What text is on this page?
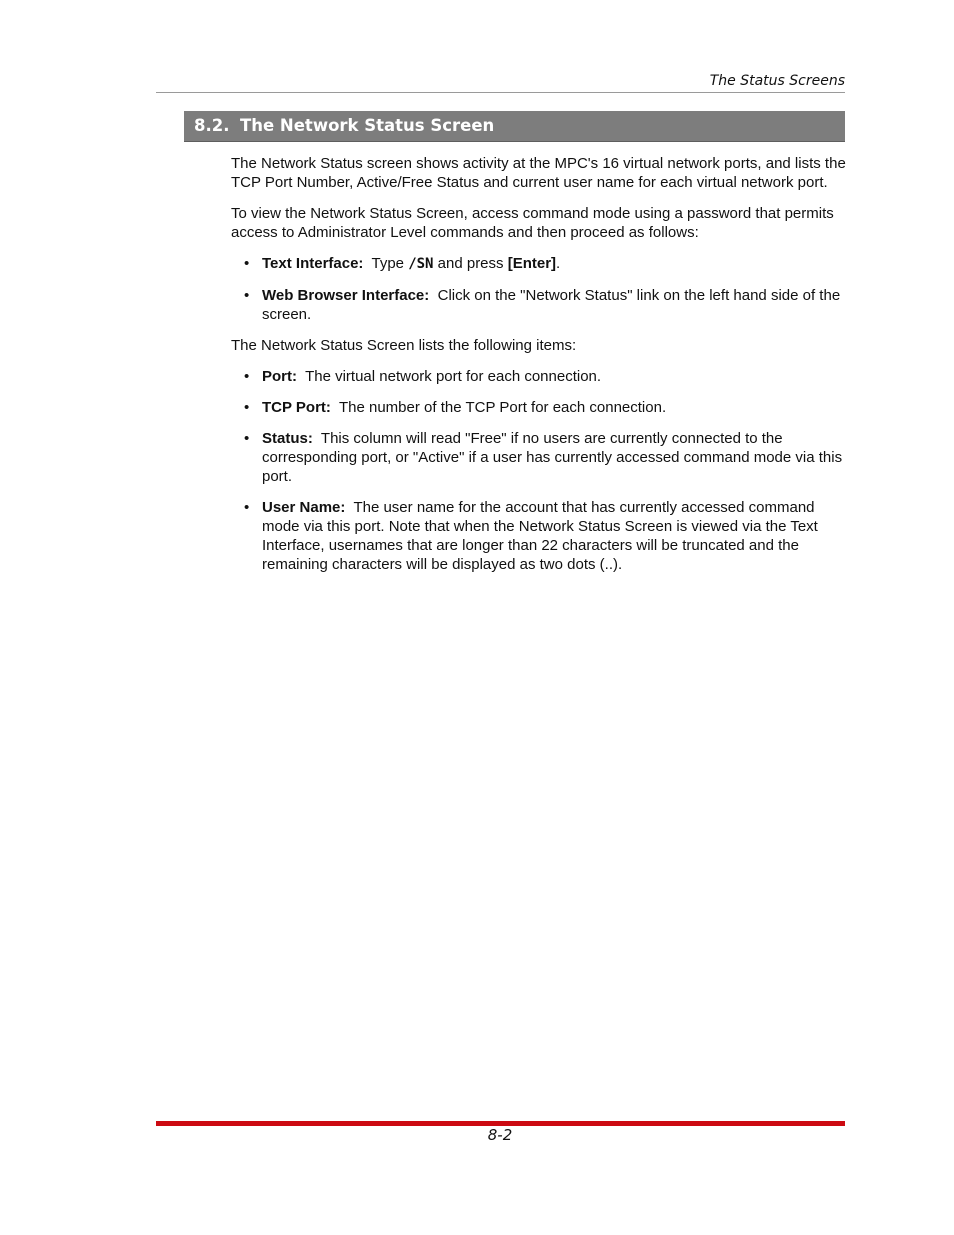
The Status Screens
8.2. The Network Status Screen

The Network Status screen shows activity at the MPC's 16 virtual network ports, and lists the TCP Port Number, Active/Free Status and current user name for each virtual network port.

To view the Network Status Screen, access command mode using a password that permits access to Administrator Level commands and then proceed as follows:

• Text Interface: Type /SN and press [Enter].
• Web Browser Interface: Click on the "Network Status" link on the left hand side of the screen.

The Network Status Screen lists the following items:

• Port: The virtual network port for each connection.
• TCP Port: The number of the TCP Port for each connection.
• Status: This column will read "Free" if no users are currently connected to the corresponding port, or "Active" if a user has currently accessed command mode via this port.
• User Name: The user name for the account that has currently accessed command mode via this port. Note that when the Network Status Screen is viewed via the Text Interface, usernames that are longer than 22 characters will be truncated and the remaining characters will be displayed as two dots (..).
8-2
